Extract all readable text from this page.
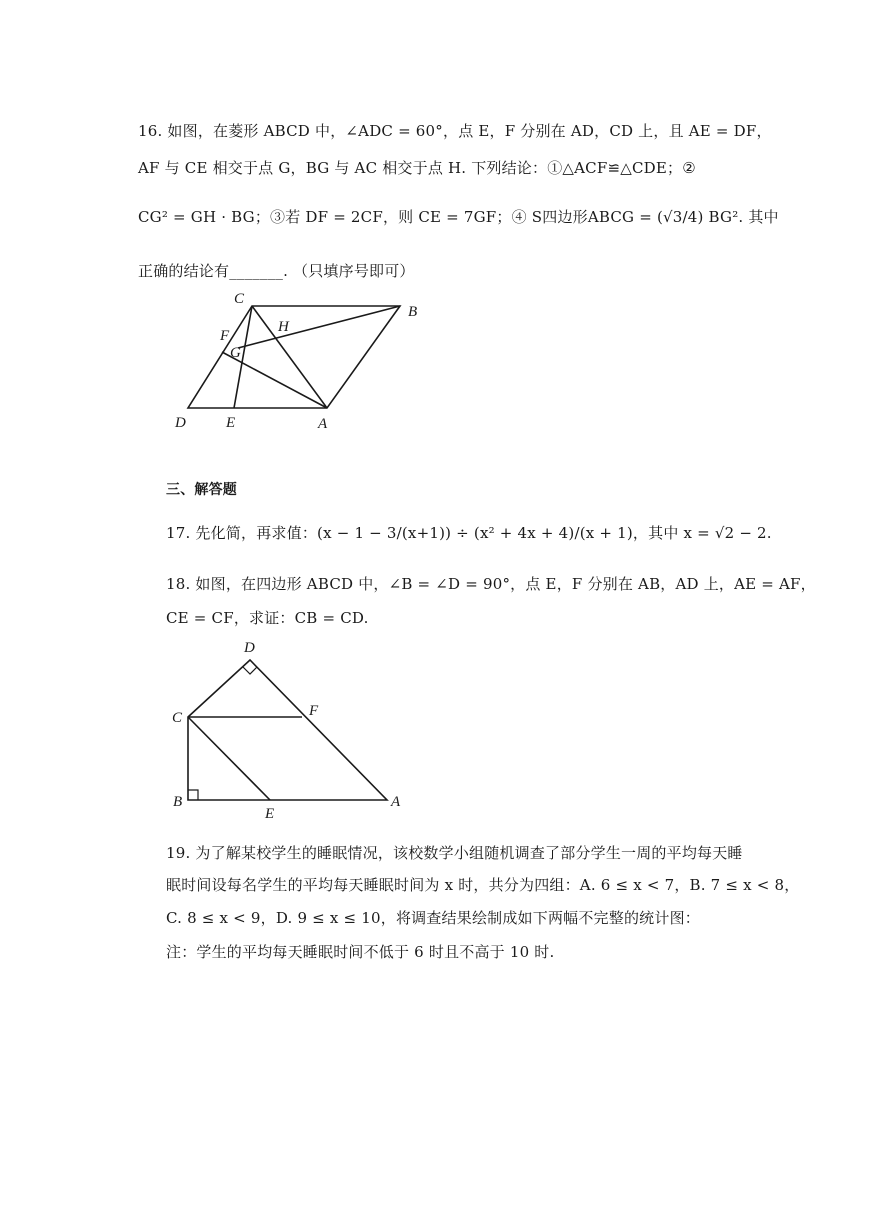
16. 如图，在菱形 ABCD 中，∠ADC = 60°，点 E，F 分别在 AD，CD 上，且 AE = DF，
AF 与 CE 相交于点 G，BG 与 AC 相交于点 H. 下列结论：①△ACF≌△CDE；②
CG² = GH · BG；③若 DF = 2CF，则 CE = 7GF；④ S四边形ABCG = (√3/4) BG². 其中
正确的结论有_______. （只填序号即可）
C
B
H
F
G
D	E	A
三、解答题
17. 先化简，再求值：(x − 1 − 3/(x+1)) ÷ (x² + 4x + 4)/(x + 1)，其中 x = √2 − 2.
18. 如图，在四边形 ABCD 中，∠B = ∠D = 90°，点 E，F 分别在 AB，AD 上，AE = AF，
CE = CF，求证：CB = CD.
D
C	F
B
E
A
19. 为了解某校学生的睡眠情况，该校数学小组随机调查了部分学生一周的平均每天睡
眠时间设每名学生的平均每天睡眠时间为 x 时，共分为四组：A. 6 ≤ x < 7，B. 7 ≤ x < 8，
C. 8 ≤ x < 9，D. 9 ≤ x ≤ 10，将调查结果绘制成如下两幅不完整的统计图：
注：学生的平均每天睡眠时间不低于 6 时且不高于 10 时.
